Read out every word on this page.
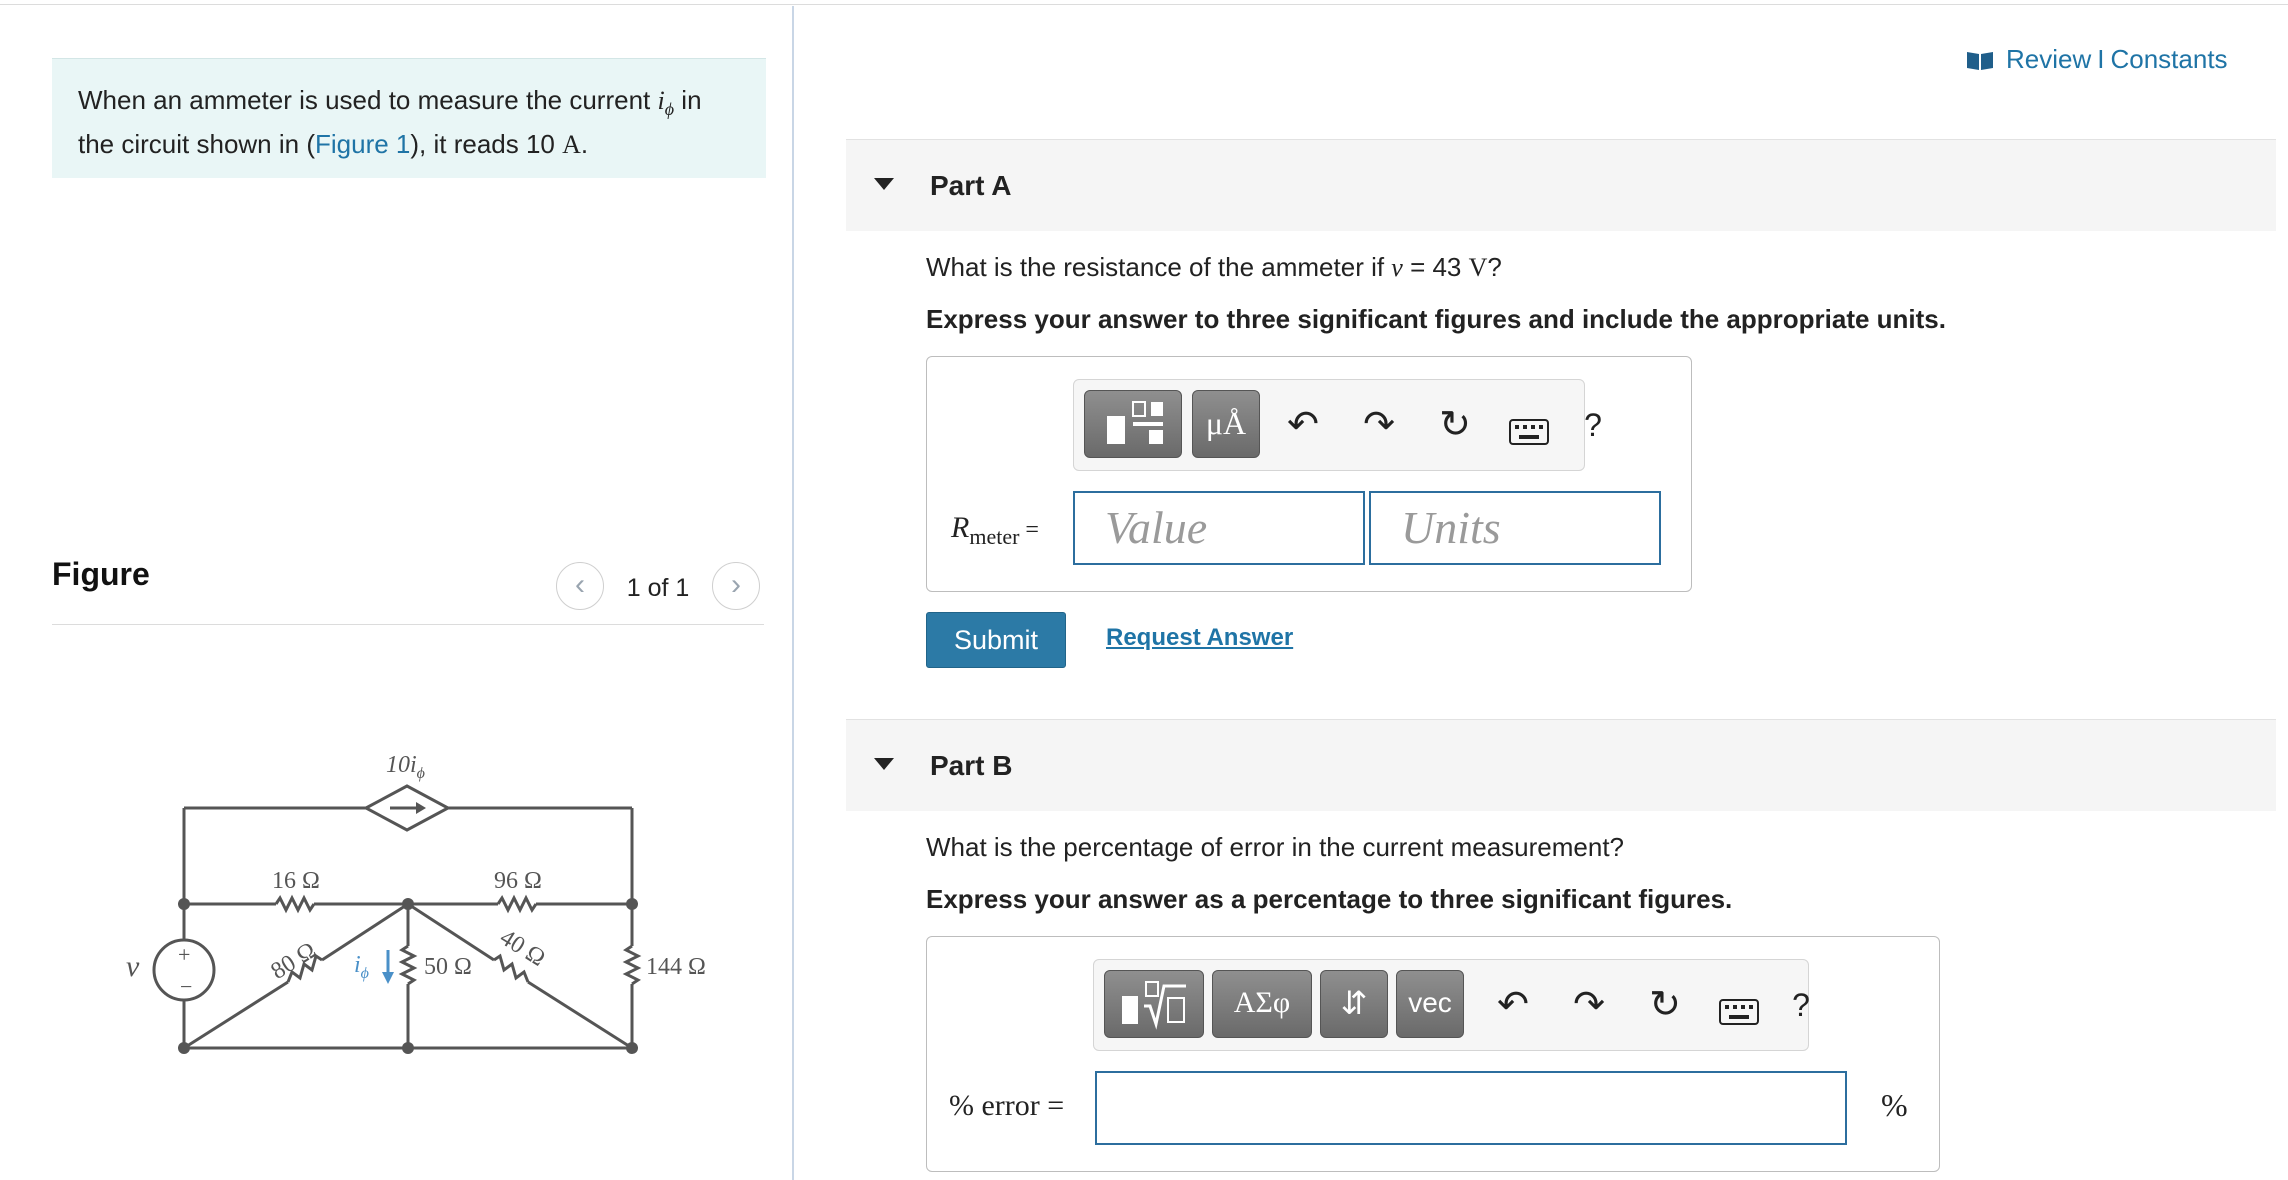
When an ammeter is used to measure the current $i_\phi$ in the circuit shown in (Figure 1), it reads 10 A.
Figure	‹	1 of 1	›
+
−
$10i_\phi$
16 Ω	96 Ω
80 Ω	40 Ω
50 Ω	144 Ω
v	$i_\phi$
Review I Constants
Part A
What is the resistance of the ammeter if v = 43 V?
Express your answer to three significant figures and include the appropriate units.
μÅ	↶ ↷ ↻	?
$R_{meter}$ =	Value	Units
Submit	Request Answer
Part B
What is the percentage of error in the current measurement?
Express your answer as a percentage to three significant figures.
ΑΣφ	⇵	vec	↶ ↷ ↻	?
% error =	%
